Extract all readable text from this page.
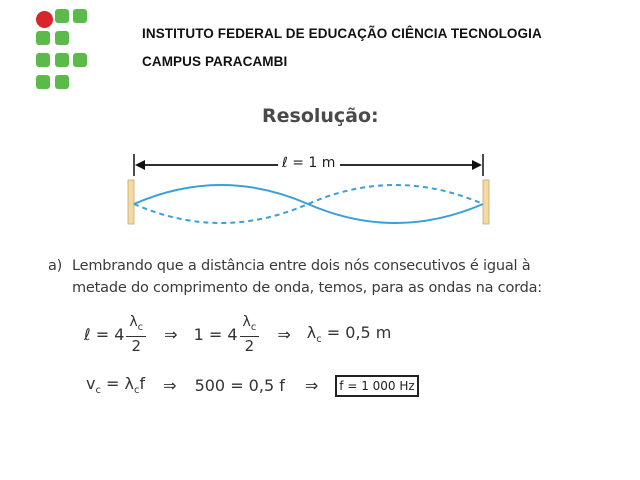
INSTITUTO FEDERAL DE EDUCAÇÃO CIÊNCIA TECNOLOGIA
CAMPUS PARACAMBI
Resolução:
ℓ = 1 m
a) Lembrando que a distância entre dois nós consecutivos é igual à
metade do comprimento de onda, temos, para as ondas na corda:
ℓ = $4 \frac{\lambda_c}{2}$ ⇒ $1 = 4 \frac{\lambda_c}{2}$ ⇒ $\lambda_c = 0,5$ m
$v_c = \lambda_cf$ ⇒ 500 = 0,5 f ⇒	f = 1 000 Hz
